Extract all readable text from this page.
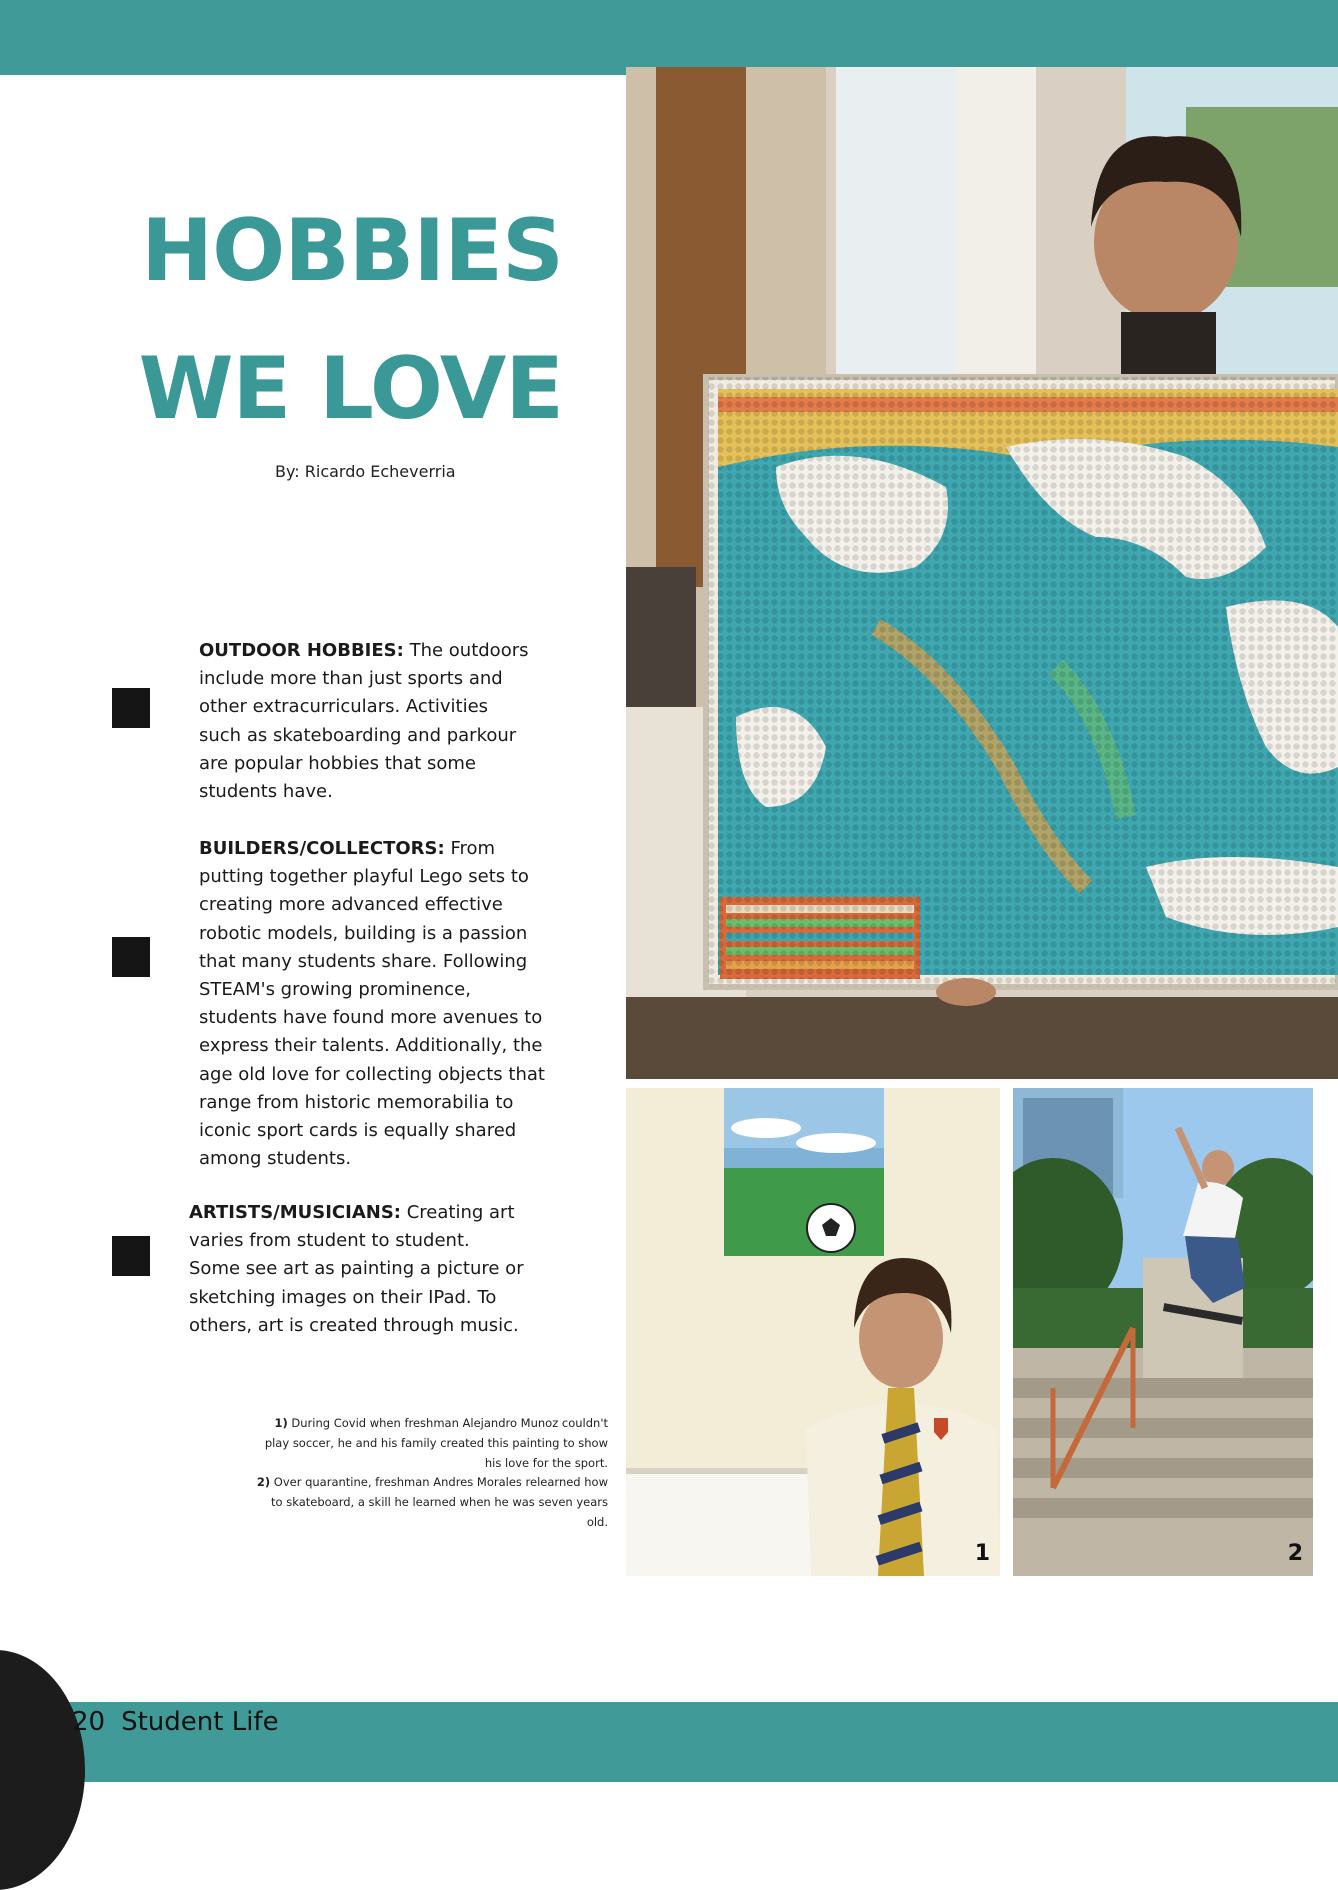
HOBBIES
WE LOVE
By: Ricardo Echeverria
OUTDOOR HOBBIES: The outdoors include more than just sports and other extracurriculars. Activities such as skateboarding and parkour are popular hobbies that some students have.
BUILDERS/COLLECTORS: From putting together playful Lego sets to creating more advanced effective robotic models, building is a passion that many students share. Following STEAM's growing prominence, students have found more avenues to express their talents. Additionally, the age old love for collecting objects that range from historic memorabilia to iconic sport cards is equally shared among students.
ARTISTS/MUSICIANS: Creating art varies from student to student. Some see art as painting a picture or sketching images on their IPad. To others, art is created through music.
1) During Covid when freshman Alejandro Munoz couldn't play soccer, he and his family created this painting to show his love for the sport.
2) Over quarantine, freshman Andres Morales relearned how to skateboard, a skill he learned when he was seven years old.
1	2
20 Student Life
